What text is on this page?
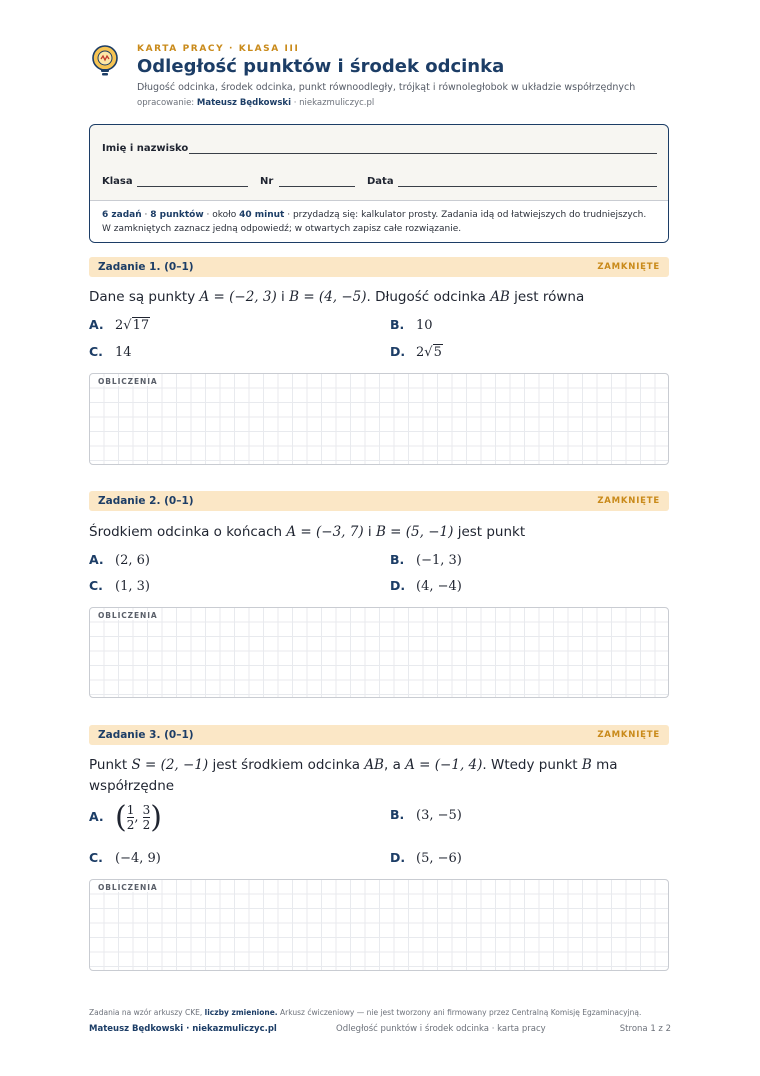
KARTA PRACY · KLASA III
Odległość punktów i środek odcinka
Długość odcinka, środek odcinka, punkt równoodległy, trójkąt i równoległobok w układzie współrzędnych
opracowanie: Mateusz Będkowski · niekazmuliczyc.pl
Imię i nazwisko
Klasa	Nr	Data
6 zadań · 8 punktów · około 40 minut · przydadzą się: kalkulator prosty. Zadania idą od łatwiejszych do trudniejszych. W zamkniętych zaznacz jedną odpowiedź; w otwartych zapisz całe rozwiązanie.
Zadanie 1. (0–1)	ZAMKNIĘTE
Dane są punkty A = (−2, 3) i B = (4, −5). Długość odcinka AB jest równa
A.2√17	B.10
C.14	D.2√5
OBLICZENIA
Zadanie 2. (0–1)	ZAMKNIĘTE
Środkiem odcinka o końcach A = (−3, 7) i B = (5, −1) jest punkt
A.(2, 6)	B.(−1, 3)
C.(1, 3)	D.(4, −4)
OBLICZENIA
Zadanie 3. (0–1)	ZAMKNIĘTE
Punkt S = (2, −1) jest środkiem odcinka AB, a A = (−1, 4). Wtedy punkt B ma współrzędne
$A.( \frac{1}{2}$ , $\frac{3}{2}$ )	B.(3, −5)
C.(−4, 9)	D.(5, −6)
OBLICZENIA
Zadania na wzór arkuszy CKE, liczby zmienione. Arkusz ćwiczeniowy — nie jest tworzony ani firmowany przez Centralną Komisję Egzaminacyjną.
Mateusz Będkowski · niekazmuliczyc.pl	Odległość punktów i środek odcinka · karta pracy	Strona 1 z 2
